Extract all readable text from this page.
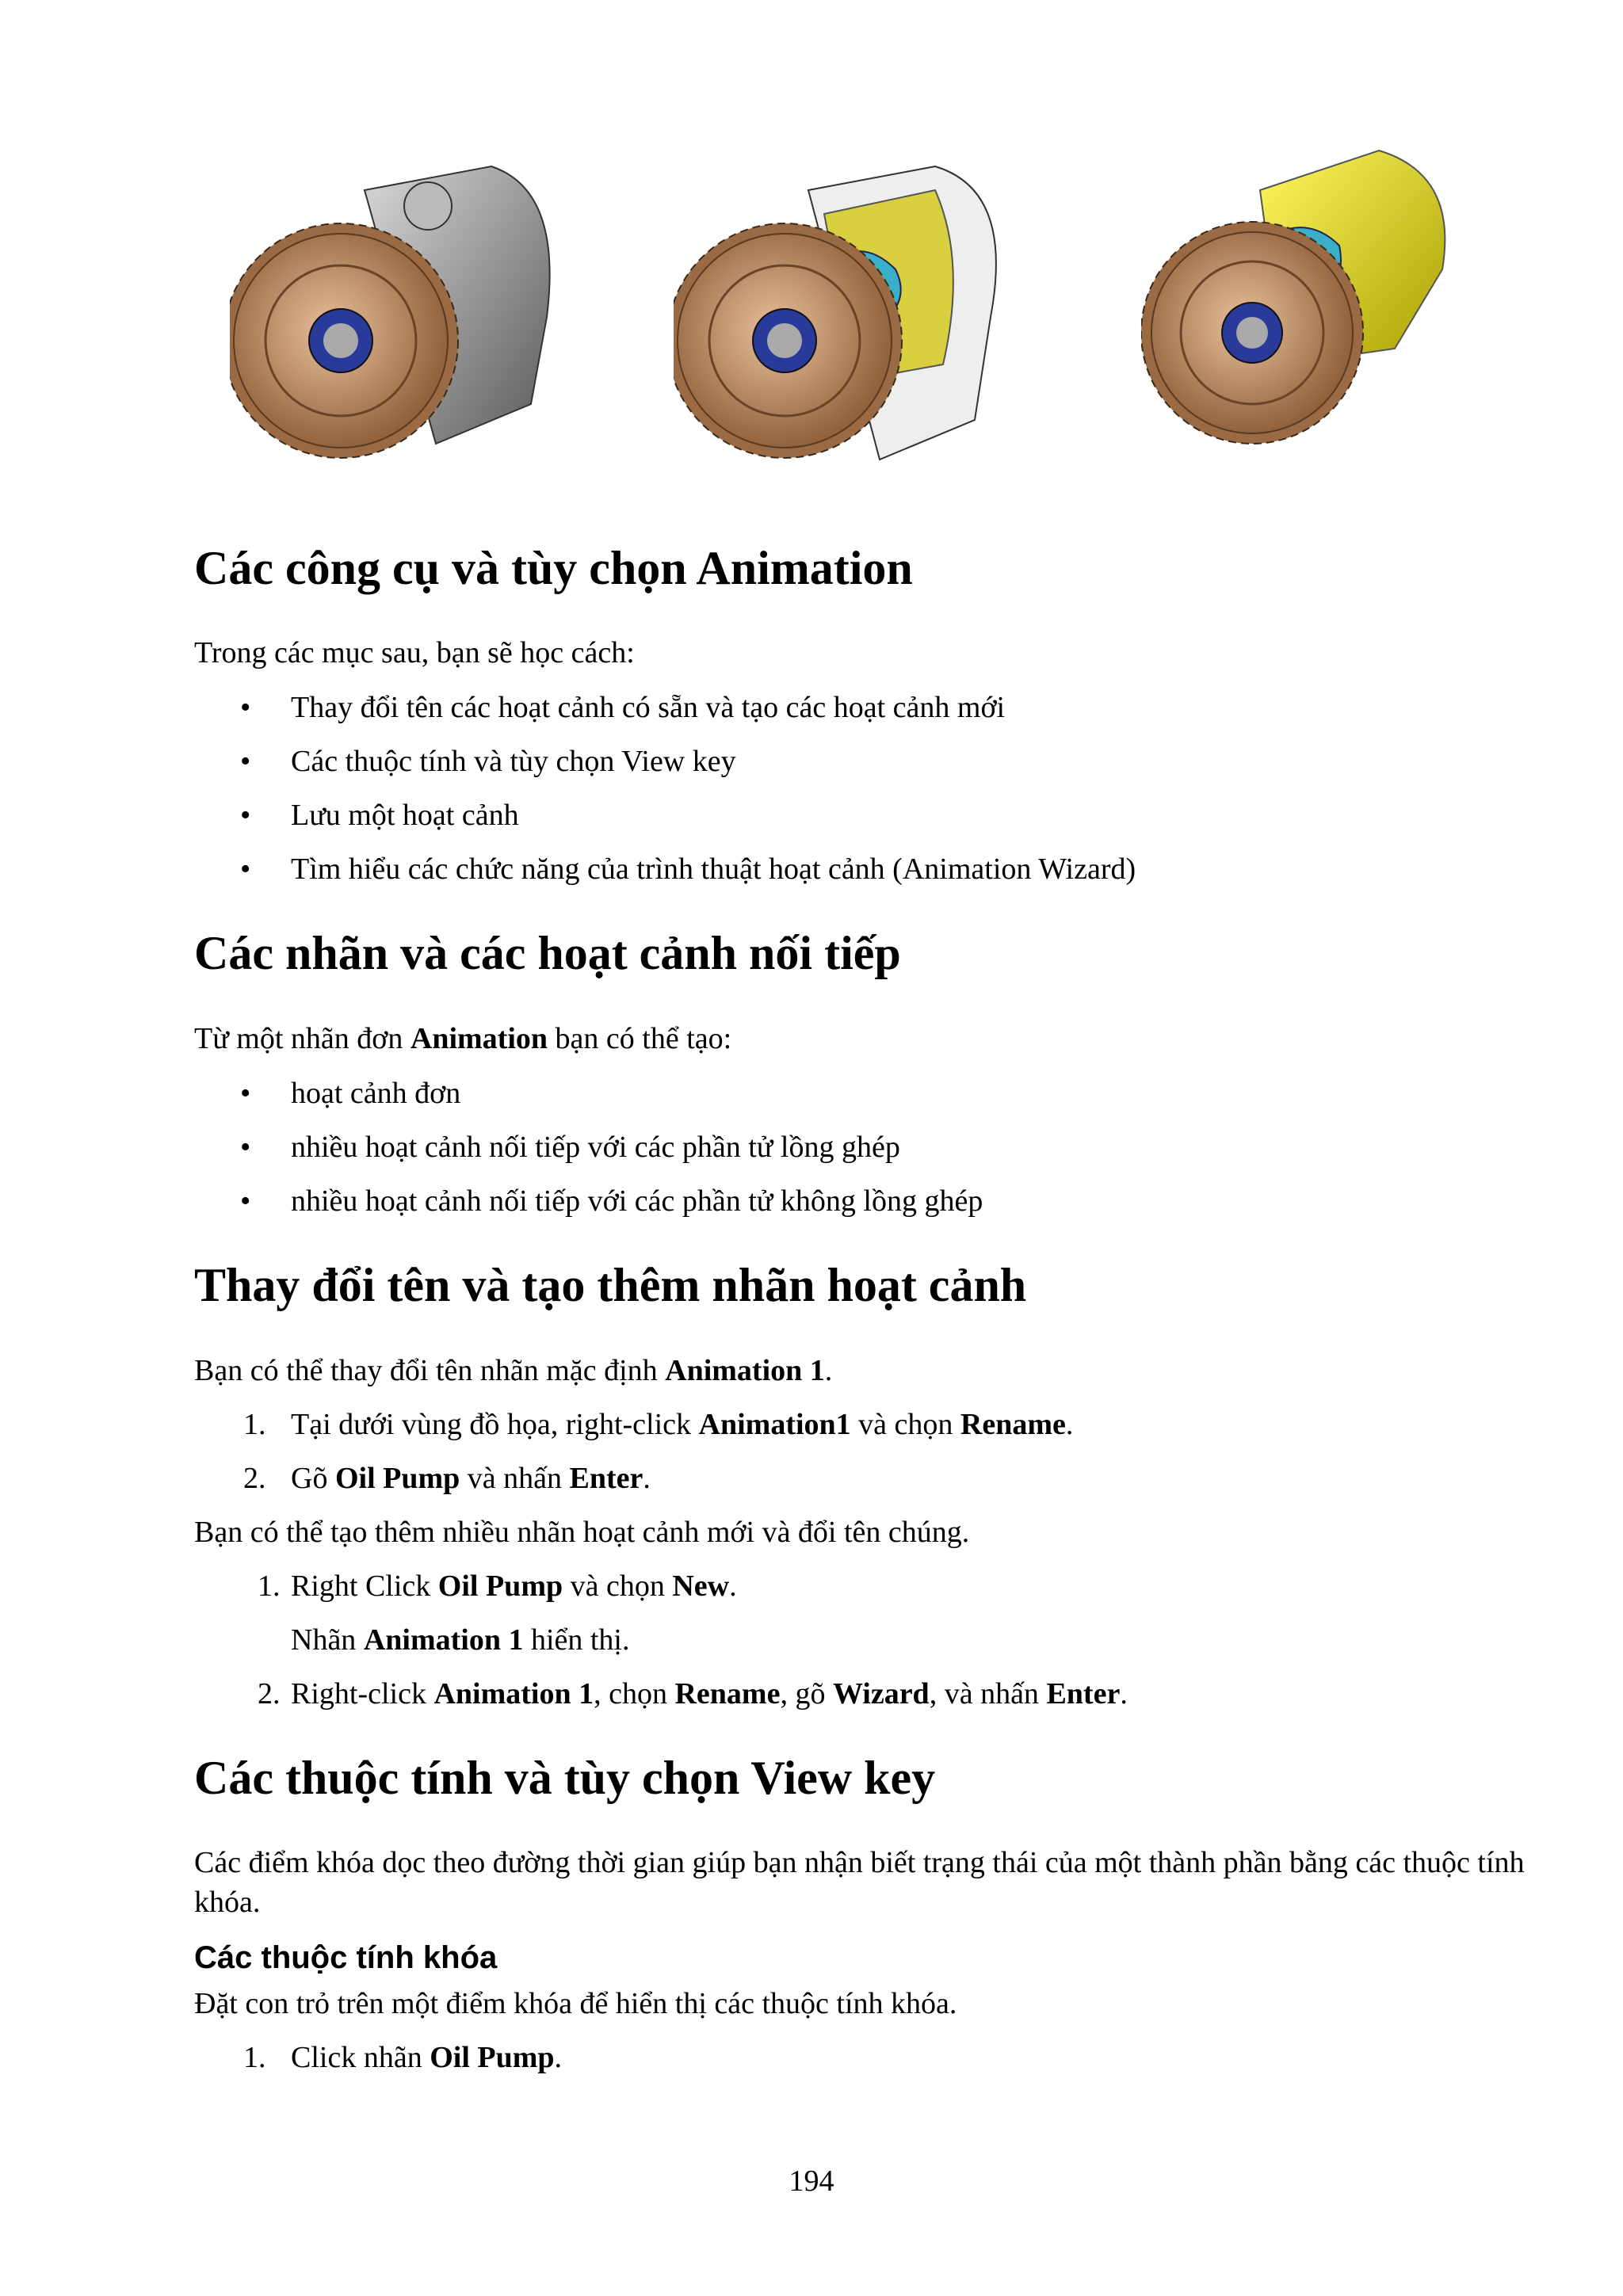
Các công cụ và tùy chọn Animation

Trong các mục sau, bạn sẽ học cách:

• Thay đổi tên các hoạt cảnh có sẵn và tạo các hoạt cảnh mới
• Các thuộc tính và tùy chọn View key
• Lưu một hoạt cảnh
• Tìm hiểu các chức năng của trình thuật hoạt cảnh (Animation Wizard)
Các nhãn và các hoạt cảnh nối tiếp

Từ một nhãn đơn Animation bạn có thể tạo:

• hoạt cảnh đơn
• nhiều hoạt cảnh nối tiếp với các phần tử lồng ghép
• nhiều hoạt cảnh nối tiếp với các phần tử không lồng ghép
Thay đổi tên và tạo thêm nhãn hoạt cảnh

Bạn có thể thay đổi tên nhãn mặc định Animation 1.

1. Tại dưới vùng đồ họa, right-click Animation1 và chọn Rename.
2. Gõ Oil Pump và nhấn Enter.

Bạn có thể tạo thêm nhiều nhãn hoạt cảnh mới và đổi tên chúng.

1. Right Click Oil Pump và chọn New.
Nhãn Animation 1 hiển thị.
2. Right-click Animation 1, chọn Rename, gõ Wizard, và nhấn Enter.
Các thuộc tính và tùy chọn View key

Các điểm khóa dọc theo đường thời gian giúp bạn nhận biết trạng thái của một thành phần bằng các thuộc tính khóa.

Các thuộc tính khóa

Đặt con trỏ trên một điểm khóa để hiển thị các thuộc tính khóa.

1. Click nhãn Oil Pump.
194
